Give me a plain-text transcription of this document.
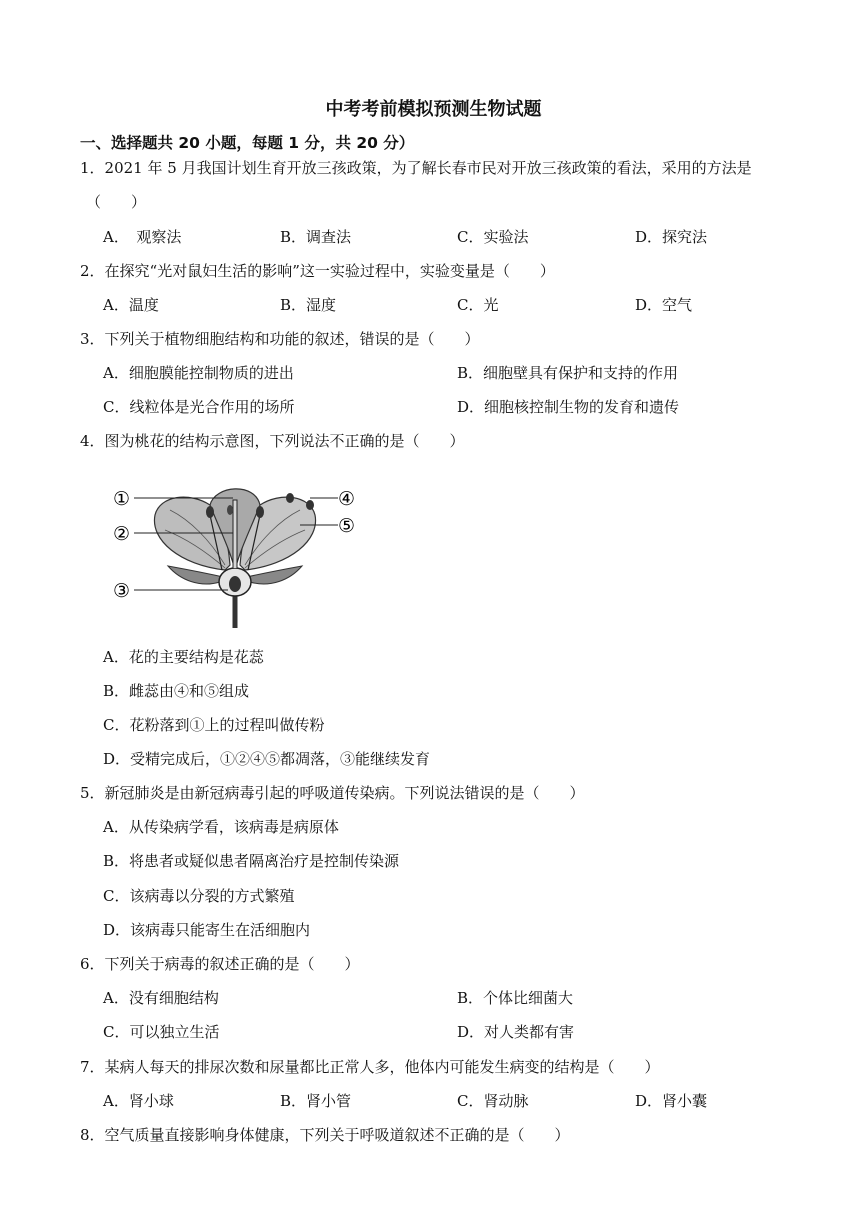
中考考前模拟预测生物试题
一、选择题共 20 小题，每题 1 分，共 20 分）
1．2021 年 5 月我国计划生育开放三孩政策，为了解长春市民对开放三孩政策的看法，采用的方法是
（　　）
A．　观察法	B．调查法	C．实验法	D．探究法
2．在探究“光对鼠妇生活的影响”这一实验过程中，实验变量是（　　）
A．温度	B．湿度	C．光	D．空气
3．下列关于植物细胞结构和功能的叙述，错误的是（　　）
A．细胞膜能控制物质的进出	B．细胞壁具有保护和支持的作用
C．线粒体是光合作用的场所	D．细胞核控制生物的发育和遗传
4．图为桃花的结构示意图，下列说法不正确的是（　　）
①
②
③
④
⑤
A．花的主要结构是花蕊
B．雌蕊由④和⑤组成
C．花粉落到①上的过程叫做传粉
D．受精完成后，①②④⑤都凋落，③能继续发育
5．新冠肺炎是由新冠病毒引起的呼吸道传染病。下列说法错误的是（　　）
A．从传染病学看，该病毒是病原体
B．将患者或疑似患者隔离治疗是控制传染源
C．该病毒以分裂的方式繁殖
D．该病毒只能寄生在活细胞内
6．下列关于病毒的叙述正确的是（　　）
A．没有细胞结构	B．个体比细菌大
C．可以独立生活	D．对人类都有害
7．某病人每天的排尿次数和尿量都比正常人多，他体内可能发生病变的结构是（　　）
A．肾小球	B．肾小管	C．肾动脉	D．肾小囊
8．空气质量直接影响身体健康，下列关于呼吸道叙述不正确的是（　　）
